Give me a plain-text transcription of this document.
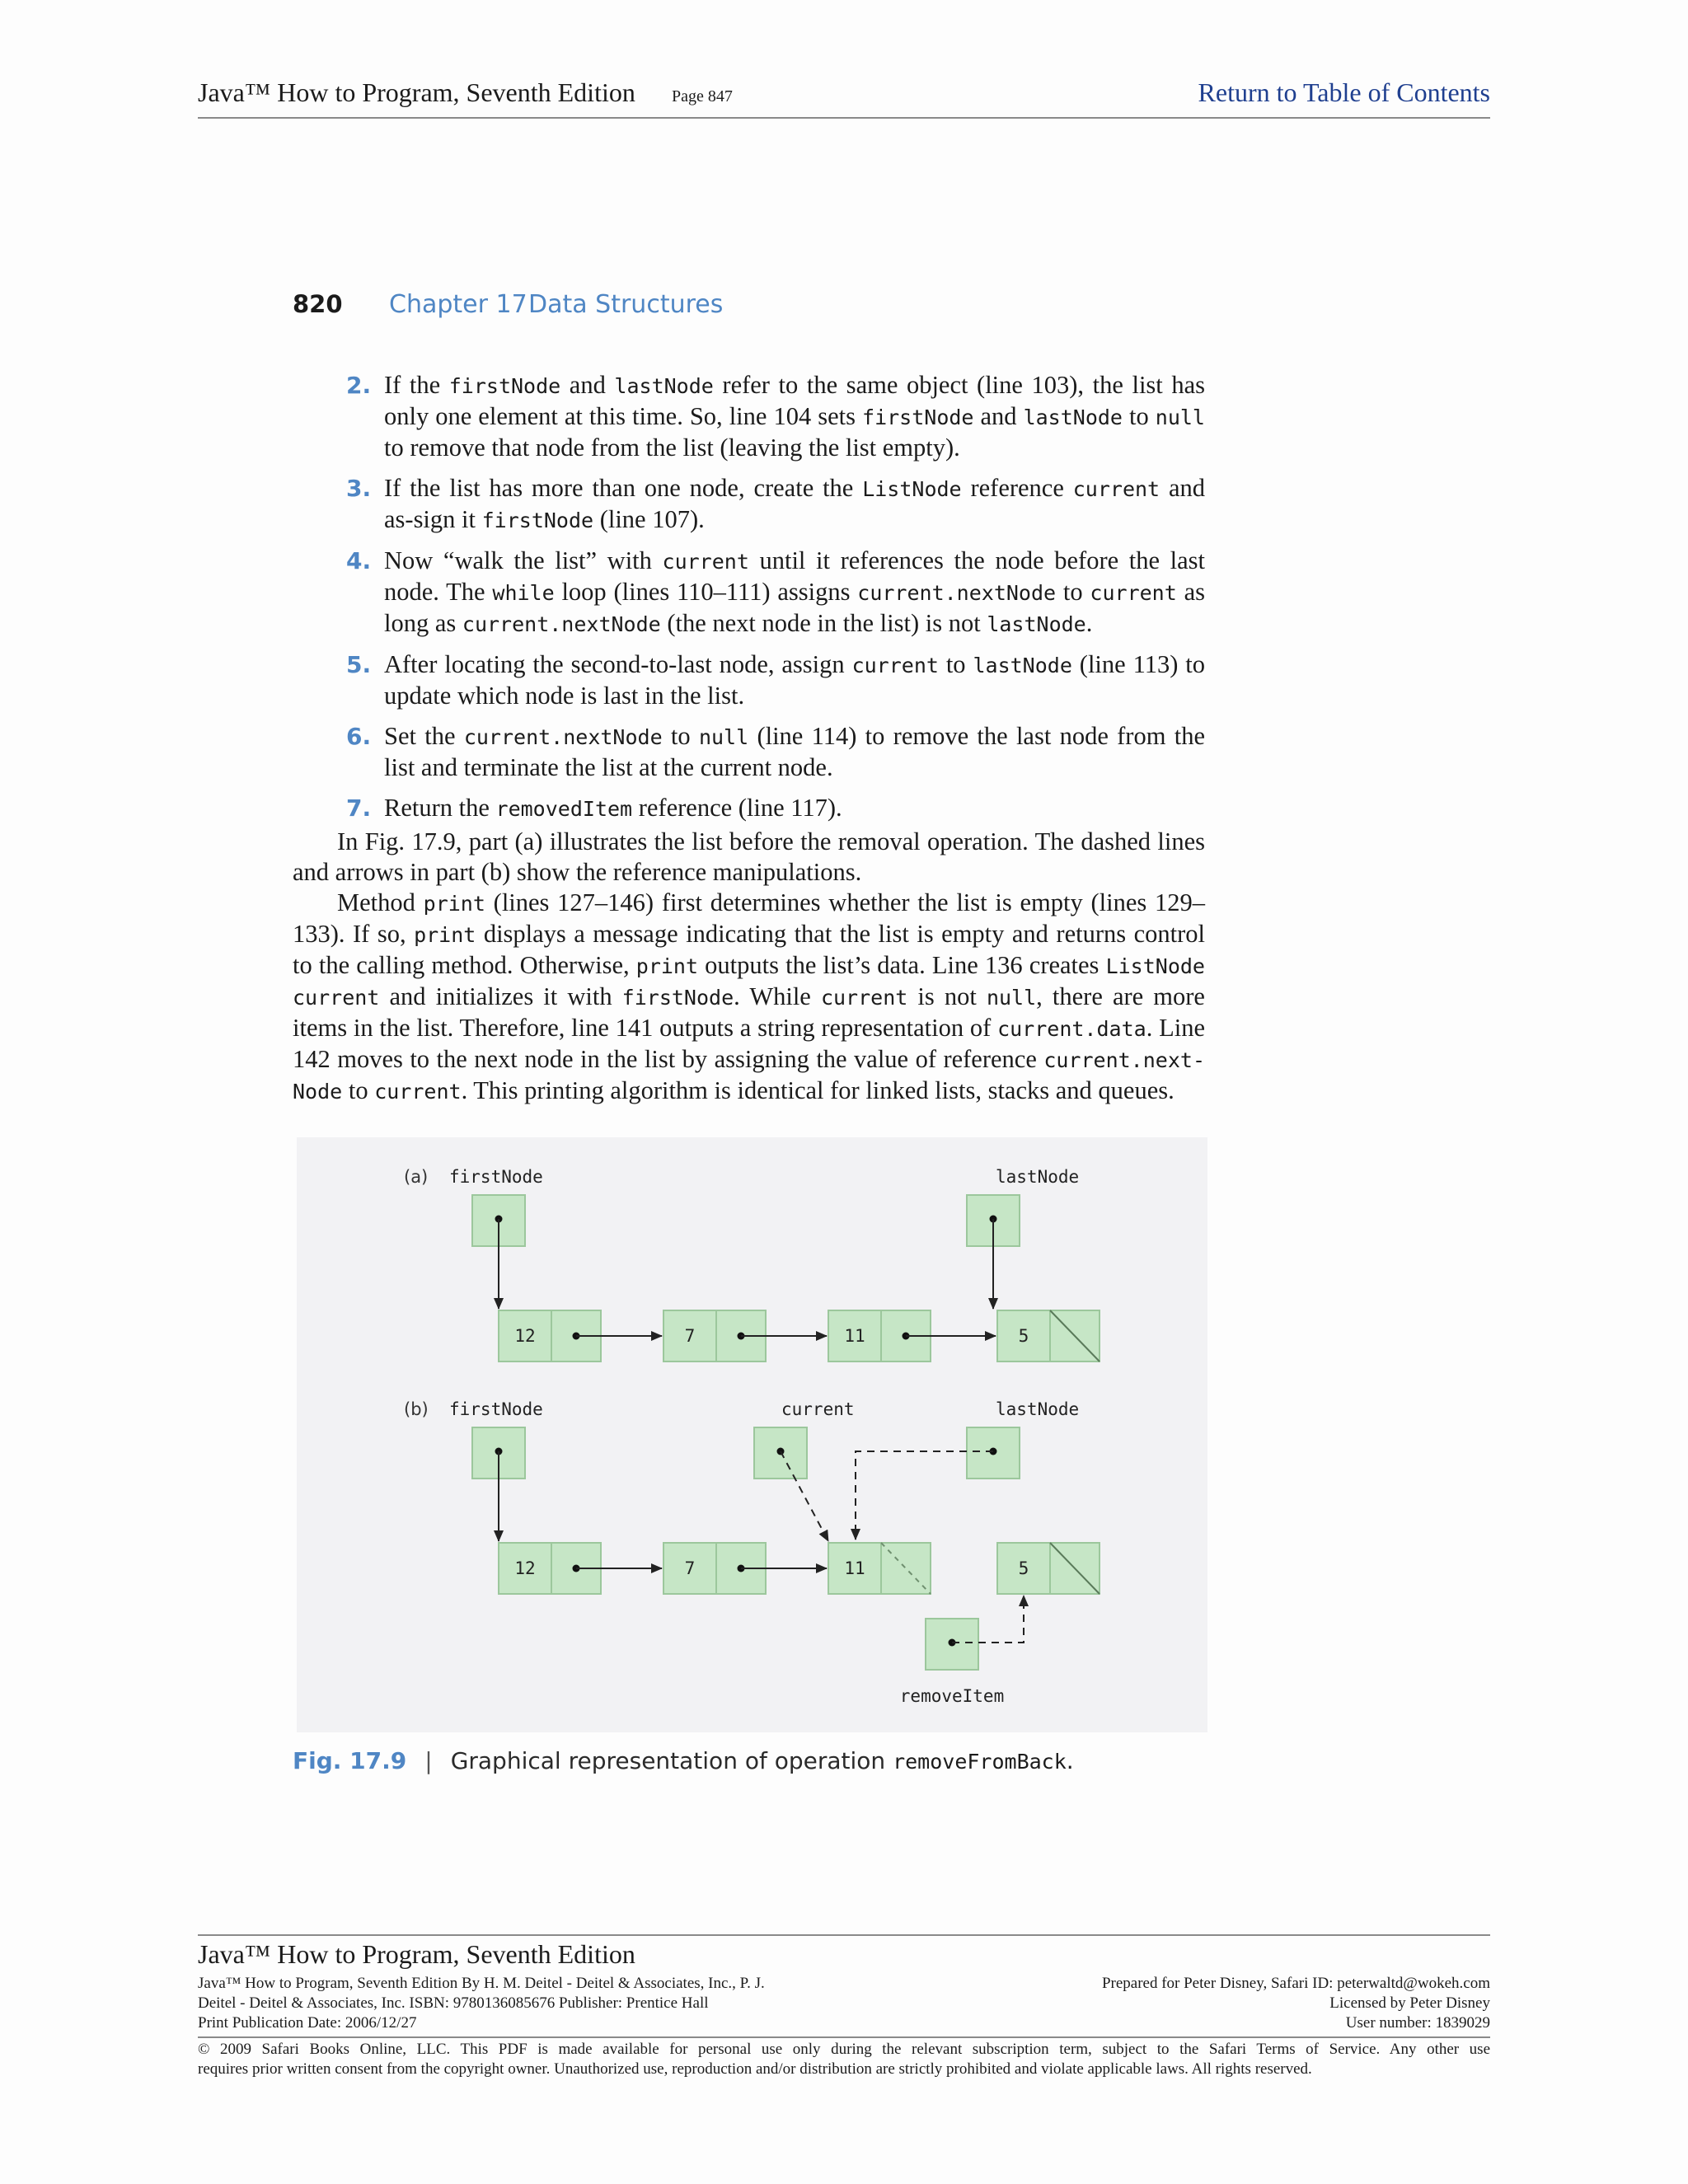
Java™ How to Program, Seventh Edition Page 847	Return to Table of Contents
820 Chapter 17 Data Structures
2. If the firstNode and lastNode refer to the same object (line 103), the list has only one element at this time. So, line 104 sets firstNode and lastNode to null to remove that node from the list (leaving the list empty).
3. If the list has more than one node, create the ListNode reference current and as-sign it firstNode (line 107).
4. Now “walk the list” with current until it references the node before the last node. The while loop (lines 110–111) assigns current.nextNode to current as long as current.nextNode (the next node in the list) is not lastNode.
5. After locating the second-to-last node, assign current to lastNode (line 113) to update which node is last in the list.
6. Set the current.nextNode to null (line 114) to remove the last node from the list and terminate the list at the current node.
7. Return the removedItem reference (line 117).

In Fig. 17.9, part (a) illustrates the list before the removal operation. The dashed lines and arrows in part (b) show the reference manipulations.

Method print (lines 127–146) first determines whether the list is empty (lines 129–133). If so, print displays a message indicating that the list is empty and returns control to the calling method. Otherwise, print outputs the list’s data. Line 136 creates ListNode current and initializes it with firstNode. While current is not null, there are more items in the list. Therefore, line 141 outputs a string representation of current.data. Line 142 moves to the next node in the list by assigning the value of reference current.next-Node to current. This printing algorithm is identical for linked lists, stacks and queues.

(a) firstNode	lastNode
12	7	11	5
(b) firstNode	current	lastNode
12	7	11	5
removeItem
Fig. 17.9 | Graphical representation of operation removeFromBack.
Java™ How to Program, Seventh Edition
Java™ How to Program, Seventh Edition By H. M. Deitel - Deitel & Associates, Inc., P. J.
Deitel - Deitel & Associates, Inc. ISBN: 9780136085676 Publisher: Prentice Hall
Print Publication Date: 2006/12/27
Prepared for Peter Disney, Safari ID: peterwaltd@wokeh.com
Licensed by Peter Disney
User number: 1839029
© 2009 Safari Books Online, LLC. This PDF is made available for personal use only during the relevant subscription term, subject to the Safari Terms of Service. Any other use
requires prior written consent from the copyright owner. Unauthorized use, reproduction and/or distribution are strictly prohibited and violate applicable laws. All rights reserved.
